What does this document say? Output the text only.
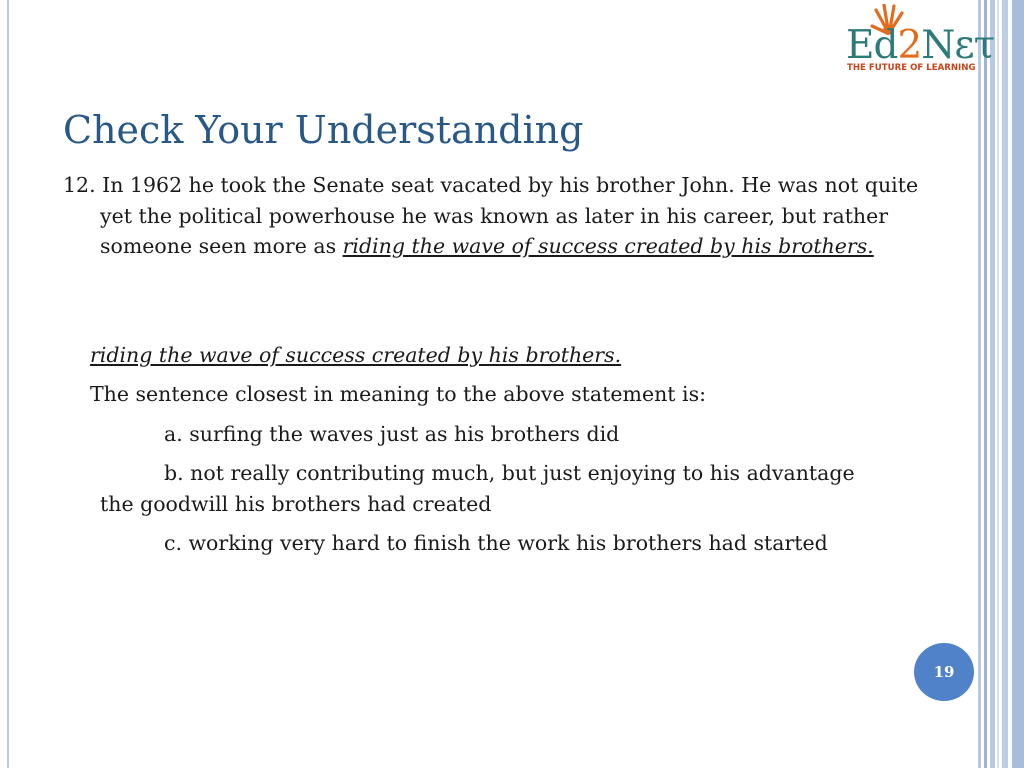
Ed2Nετ
THE FUTURE OF LEARNING
Check Your Understanding

12. In 1962 he took the Senate seat vacated by his brother John. He was not quite yet the political powerhouse he was known as later in his career, but rather someone seen more as riding the wave of success created by his brothers.

riding the wave of success created by his brothers.

The sentence closest in meaning to the above statement is:

a. surfing the waves just as his brothers did

b. not really contributing much, but just enjoying to his advantage the goodwill his brothers had created

c. working very hard to finish the work his brothers had started

19
